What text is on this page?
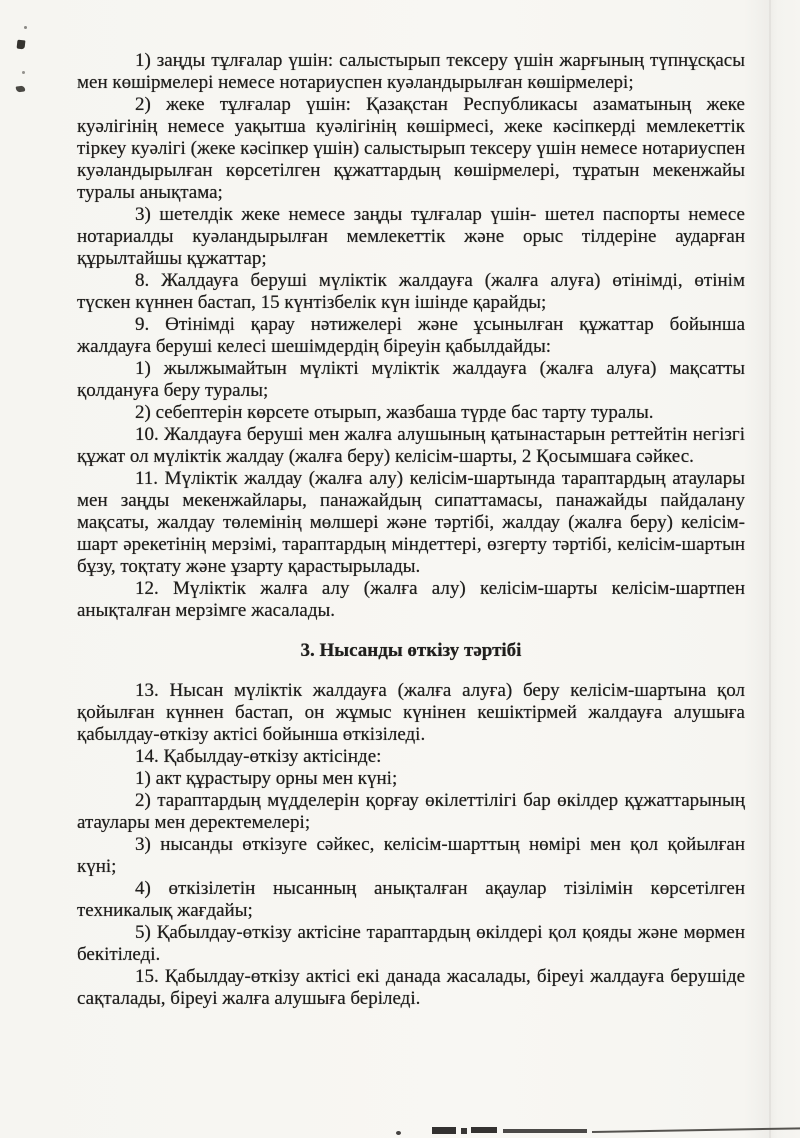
1) заңды тұлғалар үшін: салыстырып тексеру үшін жарғының түпнұсқасы мен көшірмелері немесе нотариуспен куәландырылған көшірмелері;

2) жеке тұлғалар үшін: Қазақстан Республикасы азаматының жеке куәлігінің немесе уақытша куәлігінің көшірмесі, жеке кәсіпкерді мемлекеттік тіркеу куәлігі (жеке кәсіпкер үшін) салыстырып тексеру үшін немесе нотариуспен куәландырылған көрсетілген құжаттардың көшірмелері, тұратын мекенжайы туралы анықтама;

3) шетелдік жеке немесе заңды тұлғалар үшін- шетел паспорты немесе нотариалды куәландырылған мемлекеттік және орыс тілдеріне аударған құрылтайшы құжаттар;

8. Жалдауға беруші мүліктік жалдауға (жалға алуға) өтінімді, өтінім түскен күннен бастап, 15 күнтізбелік күн ішінде қарайды;

9. Өтінімді қарау нәтижелері және ұсынылған құжаттар бойынша жалдауға беруші келесі шешімдердің біреуін қабылдайды:

1) жылжымайтын мүлікті мүліктік жалдауға (жалға алуға) мақсатты қолдануға беру туралы;

2) себептерін көрсете отырып, жазбаша түрде бас тарту туралы.

10. Жалдауға беруші мен жалға алушының қатынастарын реттейтін негізгі құжат ол мүліктік жалдау (жалға беру) келісім-шарты, 2 Қосымшаға сәйкес.

11. Мүліктік жалдау (жалға алу) келісім-шартында тараптардың атаулары мен заңды мекенжайлары, панажайдың сипаттамасы, панажайды пайдалану мақсаты, жалдау төлемінің мөлшері және тәртібі, жалдау (жалға беру) келісім-шарт әрекетінің мерзімі, тараптардың міндеттері, өзгерту тәртібі, келісім-шартын бұзу, тоқтату және ұзарту қарастырылады.

12. Мүліктік жалға алу (жалға алу) келісім-шарты келісім-шартпен анықталған мерзімге жасалады.

3. Нысанды өткізу тәртібі

13. Нысан мүліктік жалдауға (жалға алуға) беру келісім-шартына қол қойылған күннен бастап, он жұмыс күнінен кешіктірмей жалдауға алушыға қабылдау-өткізу актісі бойынша өткізіледі.

14. Қабылдау-өткізу актісінде:

1) акт құрастыру орны мен күні;

2) тараптардың мүдделерін қорғау өкілеттілігі бар өкілдер құжаттарының атаулары мен деректемелері;

3) нысанды өткізуге сәйкес, келісім-шарттың нөмірі мен қол қойылған күні;

4) өткізілетін нысанның анықталған ақаулар тізілімін көрсетілген техникалық жағдайы;

5) Қабылдау-өткізу актісіне тараптардың өкілдері қол қояды және мөрмен бекітіледі.

15. Қабылдау-өткізу актісі екі данада жасалады, біреуі жалдауға берушіде сақталады, біреуі жалға алушыға беріледі.
